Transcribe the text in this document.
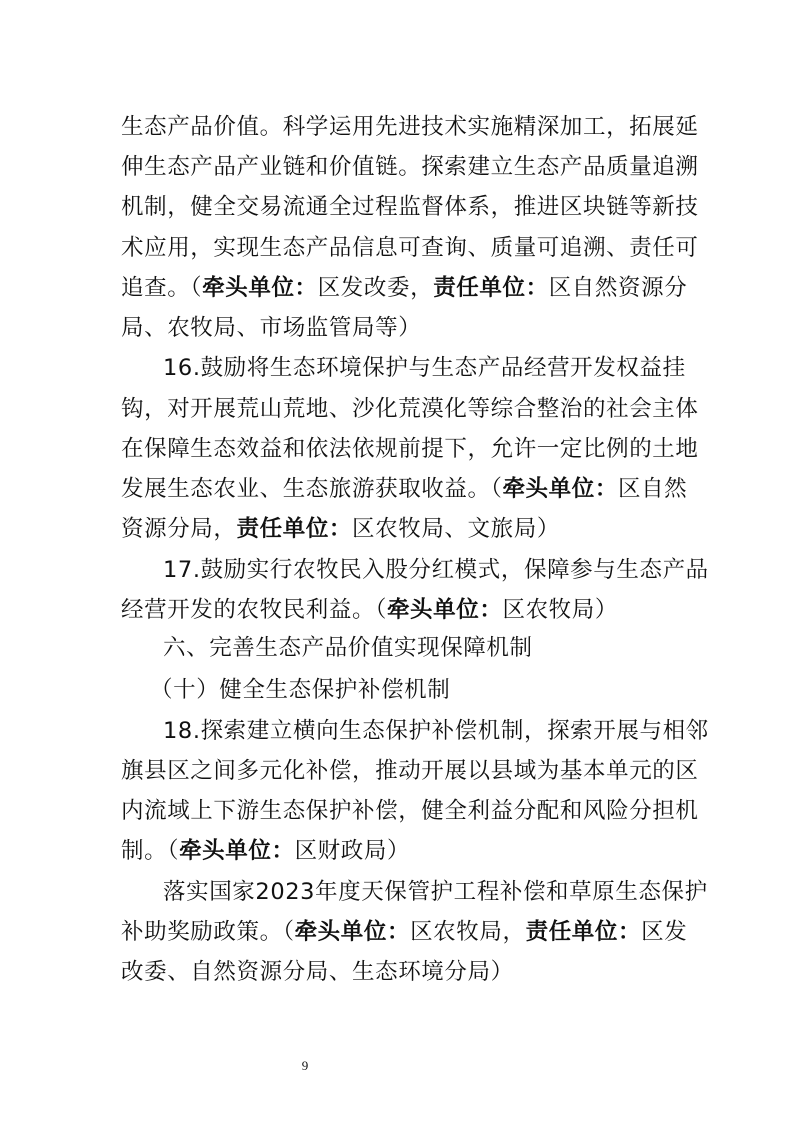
生态产品价值。科学运用先进技术实施精深加工，拓展延
伸生态产品产业链和价值链。探索建立生态产品质量追溯
机制，健全交易流通全过程监督体系，推进区块链等新技
术应用，实现生态产品信息可查询、质量可追溯、责任可
追查。（牵头单位：区发改委，责任单位：区自然资源分
局、农牧局、市场监管局等）
16.鼓励将生态环境保护与生态产品经营开发权益挂
钩，对开展荒山荒地、沙化荒漠化等综合整治的社会主体
在保障生态效益和依法依规前提下，允许一定比例的土地
发展生态农业、生态旅游获取收益。（牵头单位：区自然
资源分局，责任单位：区农牧局、文旅局）
17.鼓励实行农牧民入股分红模式，保障参与生态产品
经营开发的农牧民利益。（牵头单位：区农牧局）
六、完善生态产品价值实现保障机制
（十）健全生态保护补偿机制
18.探索建立横向生态保护补偿机制，探索开展与相邻
旗县区之间多元化补偿，推动开展以县域为基本单元的区
内流域上下游生态保护补偿，健全利益分配和风险分担机
制。（牵头单位：区财政局）
落实国家2023年度天保管护工程补偿和草原生态保护
补助奖励政策。（牵头单位：区农牧局，责任单位：区发
改委、自然资源分局、生态环境分局）
9
